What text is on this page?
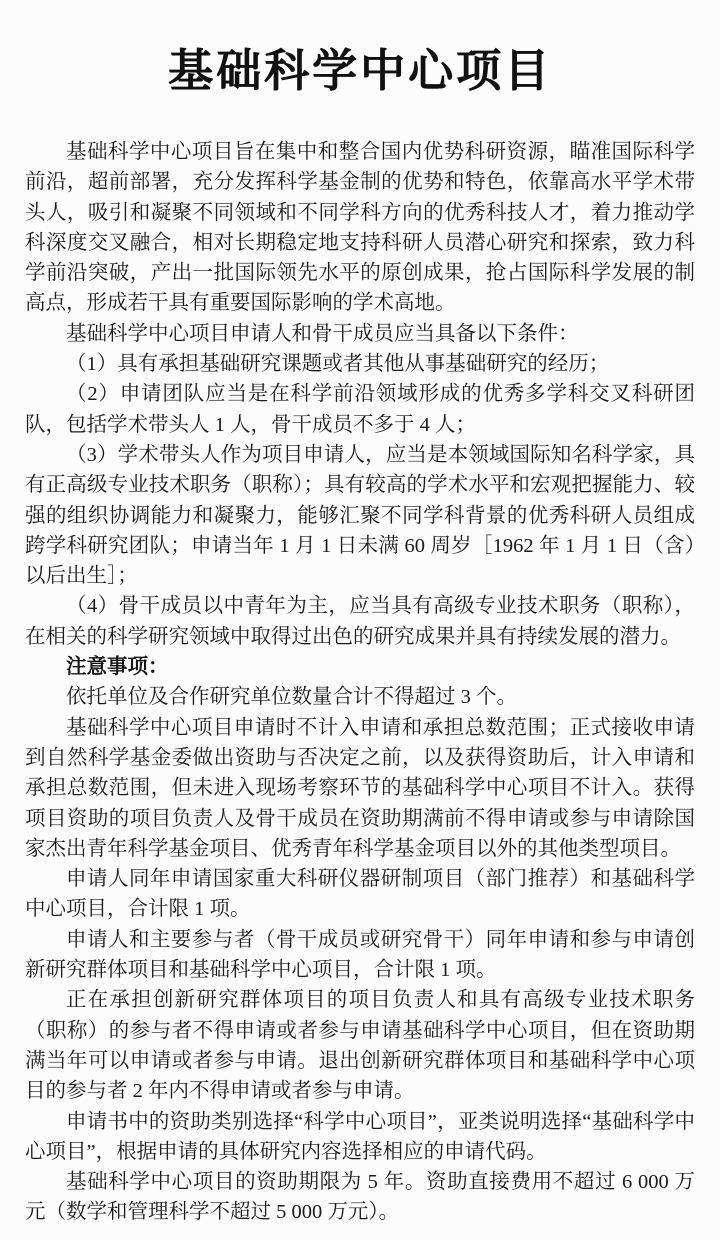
基础科学中心项目

基础科学中心项目旨在集中和整合国内优势科研资源，瞄准国际科学前沿，超前部署，充分发挥科学基金制的优势和特色，依靠高水平学术带头人，吸引和凝聚不同领域和不同学科方向的优秀科技人才，着力推动学科深度交叉融合，相对长期稳定地支持科研人员潜心研究和探索，致力科学前沿突破，产出一批国际领先水平的原创成果，抢占国际科学发展的制高点，形成若干具有重要国际影响的学术高地。

基础科学中心项目申请人和骨干成员应当具备以下条件：

（1）具有承担基础研究课题或者其他从事基础研究的经历；

（2）申请团队应当是在科学前沿领域形成的优秀多学科交叉科研团队，包括学术带头人 1 人，骨干成员不多于 4 人；

（3）学术带头人作为项目申请人，应当是本领域国际知名科学家，具有正高级专业技术职务（职称）；具有较高的学术水平和宏观把握能力、较强的组织协调能力和凝聚力，能够汇聚不同学科背景的优秀科研人员组成跨学科研究团队；申请当年 1 月 1 日未满 60 周岁［1962 年 1 月 1 日（含）以后出生］；

（4）骨干成员以中青年为主，应当具有高级专业技术职务（职称），在相关的科学研究领域中取得过出色的研究成果并具有持续发展的潜力。

注意事项：

依托单位及合作研究单位数量合计不得超过 3 个。

基础科学中心项目申请时不计入申请和承担总数范围；正式接收申请到自然科学基金委做出资助与否决定之前，以及获得资助后，计入申请和承担总数范围，但未进入现场考察环节的基础科学中心项目不计入。获得项目资助的项目负责人及骨干成员在资助期满前不得申请或参与申请除国家杰出青年科学基金项目、优秀青年科学基金项目以外的其他类型项目。

申请人同年申请国家重大科研仪器研制项目（部门推荐）和基础科学中心项目，合计限 1 项。

申请人和主要参与者（骨干成员或研究骨干）同年申请和参与申请创新研究群体项目和基础科学中心项目，合计限 1 项。

正在承担创新研究群体项目的项目负责人和具有高级专业技术职务（职称）的参与者不得申请或者参与申请基础科学中心项目，但在资助期满当年可以申请或者参与申请。退出创新研究群体项目和基础科学中心项目的参与者 2 年内不得申请或者参与申请。

申请书中的资助类别选择“科学中心项目”，亚类说明选择“基础科学中心项目”，根据申请的具体研究内容选择相应的申请代码。

基础科学中心项目的资助期限为 5 年。资助直接费用不超过 6 000 万元（数学和管理科学不超过 5 000 万元）。
